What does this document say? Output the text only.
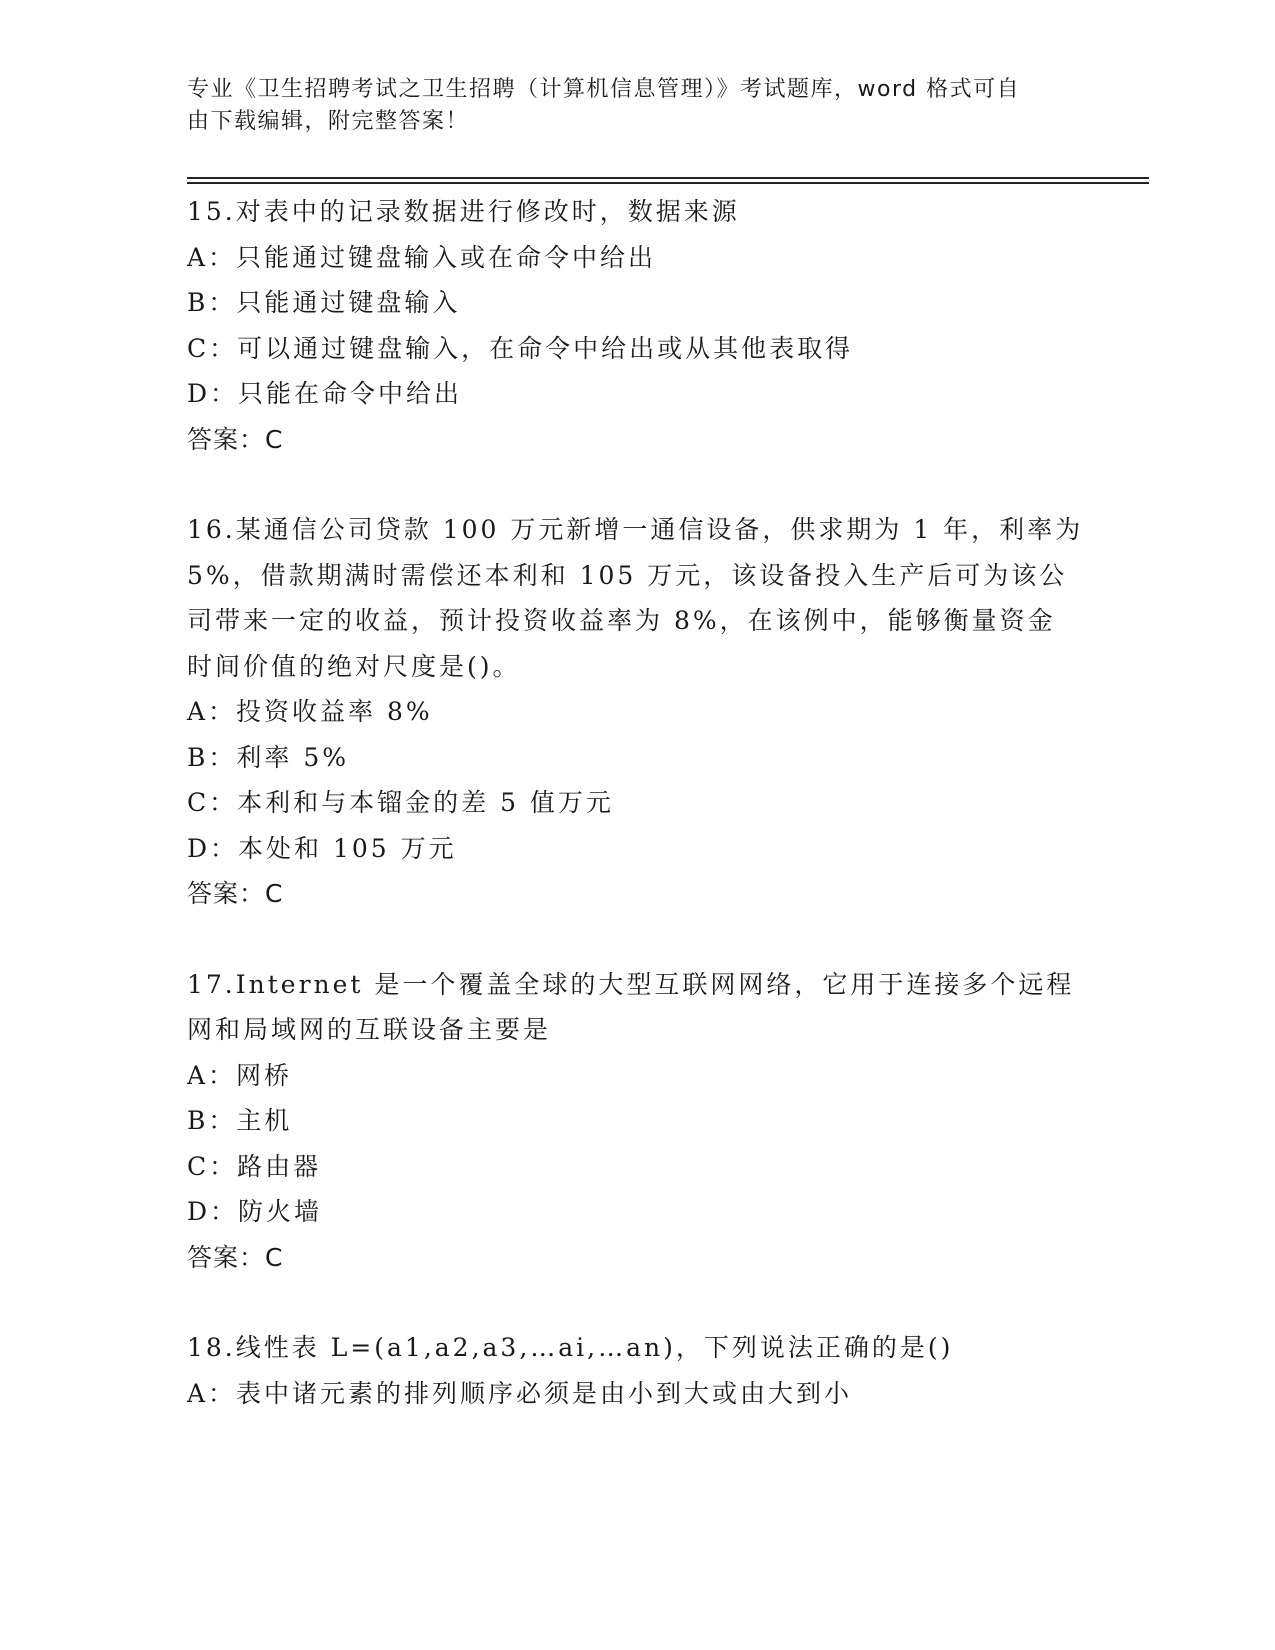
专业《卫生招聘考试之卫生招聘（计算机信息管理）》考试题库，word 格式可自
由下载编辑，附完整答案！
15.对表中的记录数据进行修改时，数据来源
A：只能通过键盘输入或在命令中给出
B：只能通过键盘输入
C：可以通过键盘输入，在命令中给出或从其他表取得
D：只能在命令中给出
答案：C
16.某通信公司贷款 100 万元新增一通信设备，供求期为 1 年，利率为
5%，借款期满时需偿还本利和 105 万元，该设备投入生产后可为该公
司带来一定的收益，预计投资收益率为 8%，在该例中，能够衡量资金
时间价值的绝对尺度是()。
A：投资收益率 8%
B：利率 5%
C：本利和与本镏金的差 5 值万元
D：本处和 105 万元
答案：C
17.Internet 是一个覆盖全球的大型互联网网络，它用于连接多个远程
网和局域网的互联设备主要是
A：网桥
B：主机
C：路由器
D：防火墙
答案：C
18.线性表 L=(a1,a2,a3,…ai,…an)，下列说法正确的是()
A：表中诸元素的排列顺序必须是由小到大或由大到小
